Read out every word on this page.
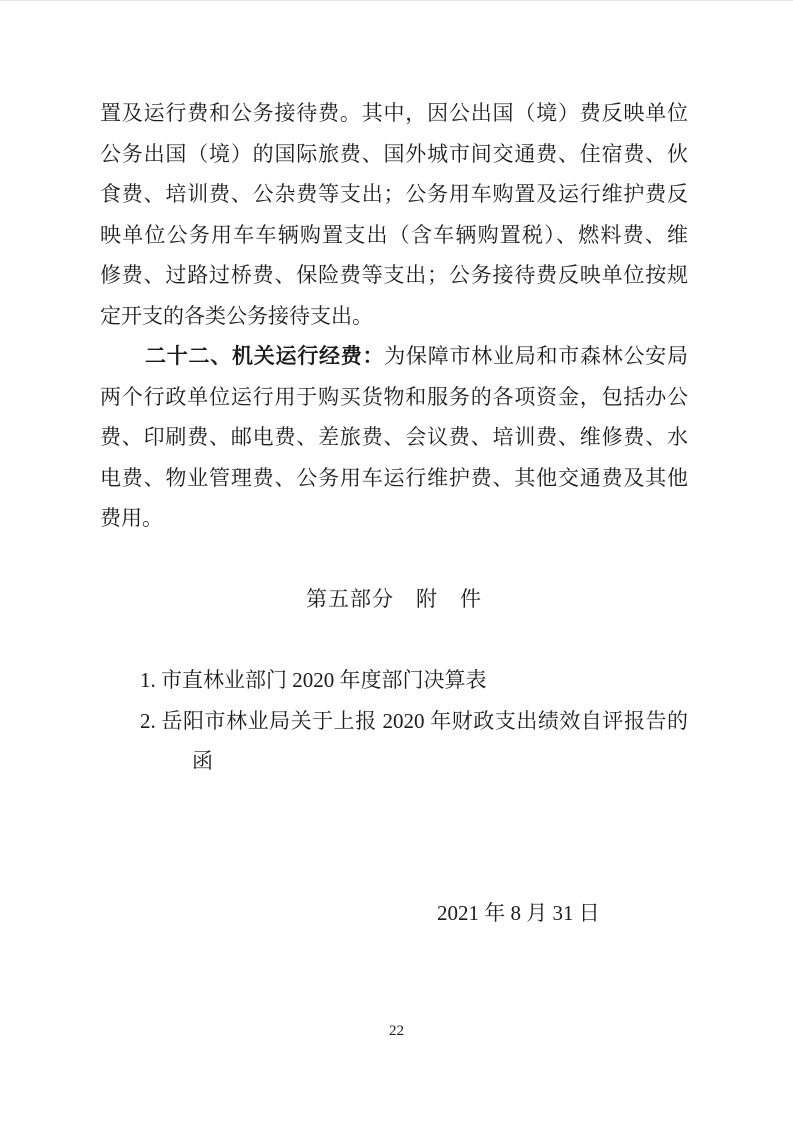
置及运行费和公务接待费。其中，因公出国（境）费反映单位
公务出国（境）的国际旅费、国外城市间交通费、住宿费、伙
食费、培训费、公杂费等支出；公务用车购置及运行维护费反
映单位公务用车车辆购置支出（含车辆购置税）、燃料费、维
修费、过路过桥费、保险费等支出；公务接待费反映单位按规
定开支的各类公务接待支出。
二十二、机关运行经费：为保障市林业局和市森林公安局
两个行政单位运行用于购买货物和服务的各项资金，包括办公
费、印刷费、邮电费、差旅费、会议费、培训费、维修费、水
电费、物业管理费、公务用车运行维护费、其他交通费及其他
费用。
第五部分　附　件
1. 市直林业部门 2020 年度部门决算表
2. 岳阳市林业局关于上报 2020 年财政支出绩效自评报告的
函
2021 年 8 月 31 日
22
